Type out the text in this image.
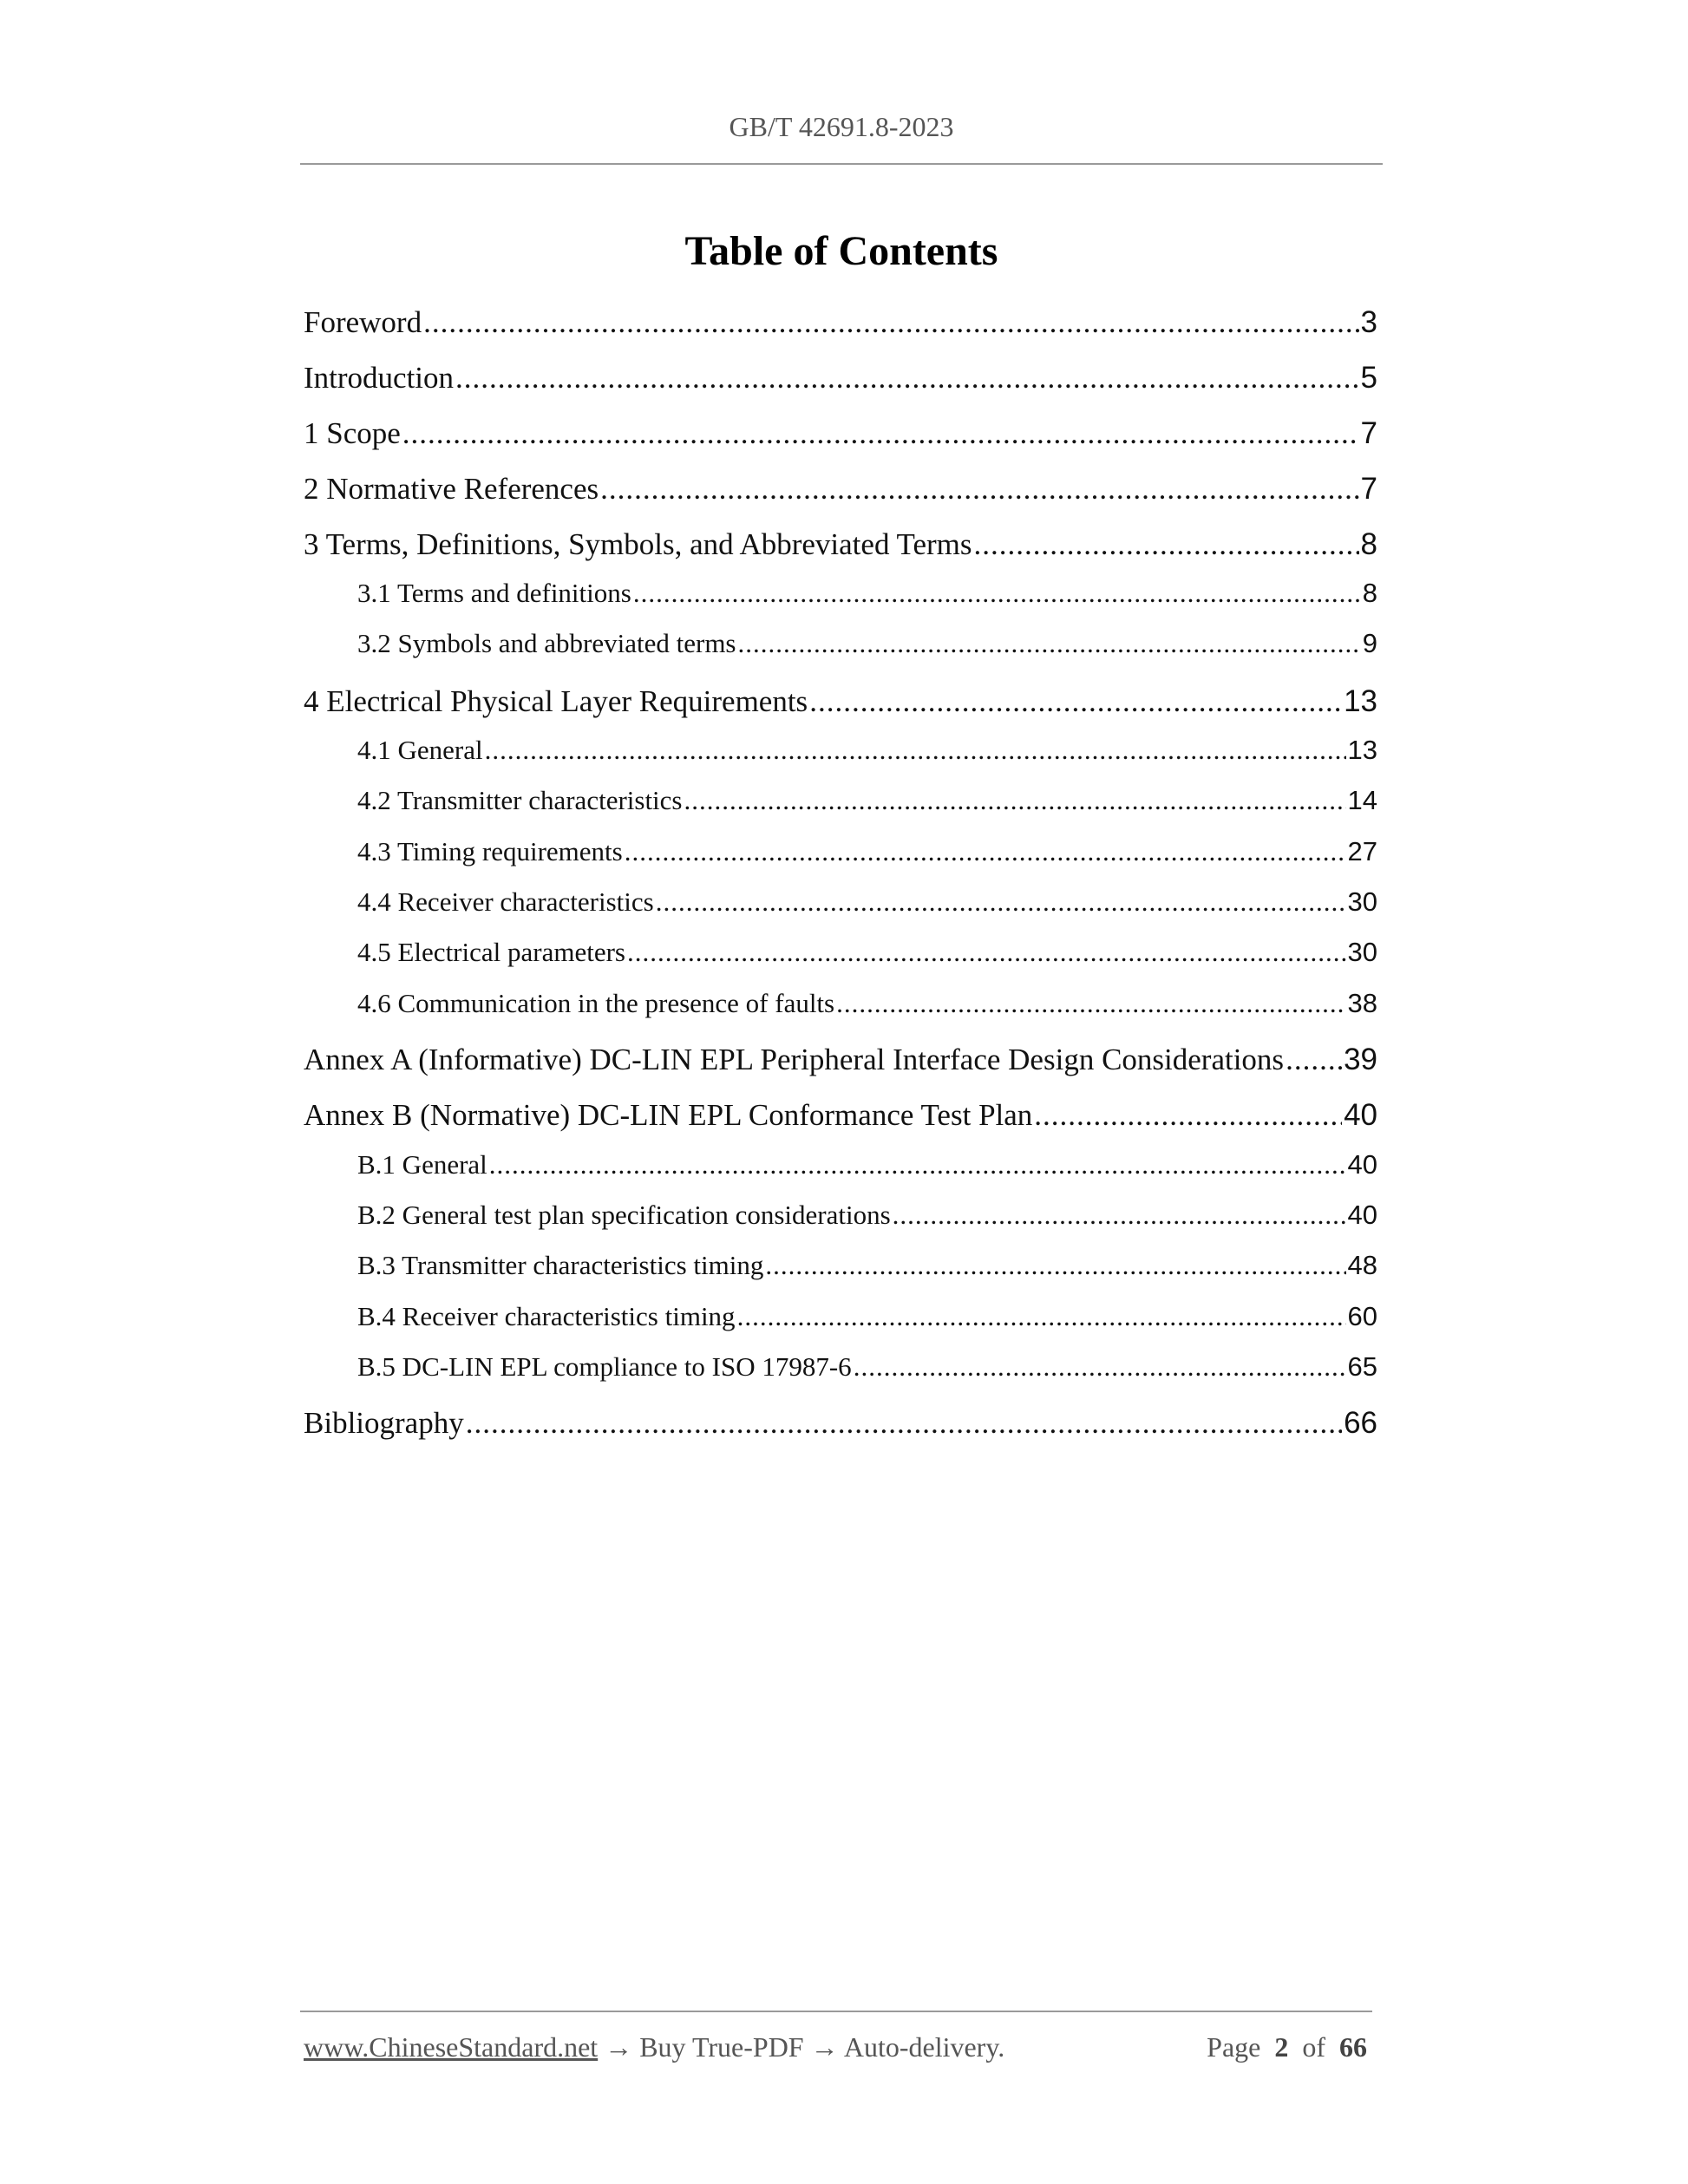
GB/T 42691.8-2023
Table of Contents
Foreword .....	3
Introduction .....	5
1 Scope .....	7
2 Normative References .....	7
3 Terms, Definitions, Symbols, and Abbreviated Terms .....	8
3.1 Terms and definitions .....	8
3.2 Symbols and abbreviated terms .....	9
4 Electrical Physical Layer Requirements .....	13
4.1 General .....	13
4.2 Transmitter characteristics .....	14
4.3 Timing requirements .....	27
4.4 Receiver characteristics .....	30
4.5 Electrical parameters .....	30
4.6 Communication in the presence of faults .....	38
Annex A (Informative) DC-LIN EPL Peripheral Interface Design Considerations ..... 39
Annex B (Normative) DC-LIN EPL Conformance Test Plan .....	40
B.1 General .....	40
B.2 General test plan specification considerations .....	40
B.3 Transmitter characteristics timing .....	48
B.4 Receiver characteristics timing .....	60
B.5 DC-LIN EPL compliance to ISO 17987-6 .....	65
Bibliography .....	66
www.ChineseStandard.net → Buy True-PDF → Auto-delivery.	Page 2 of 66
